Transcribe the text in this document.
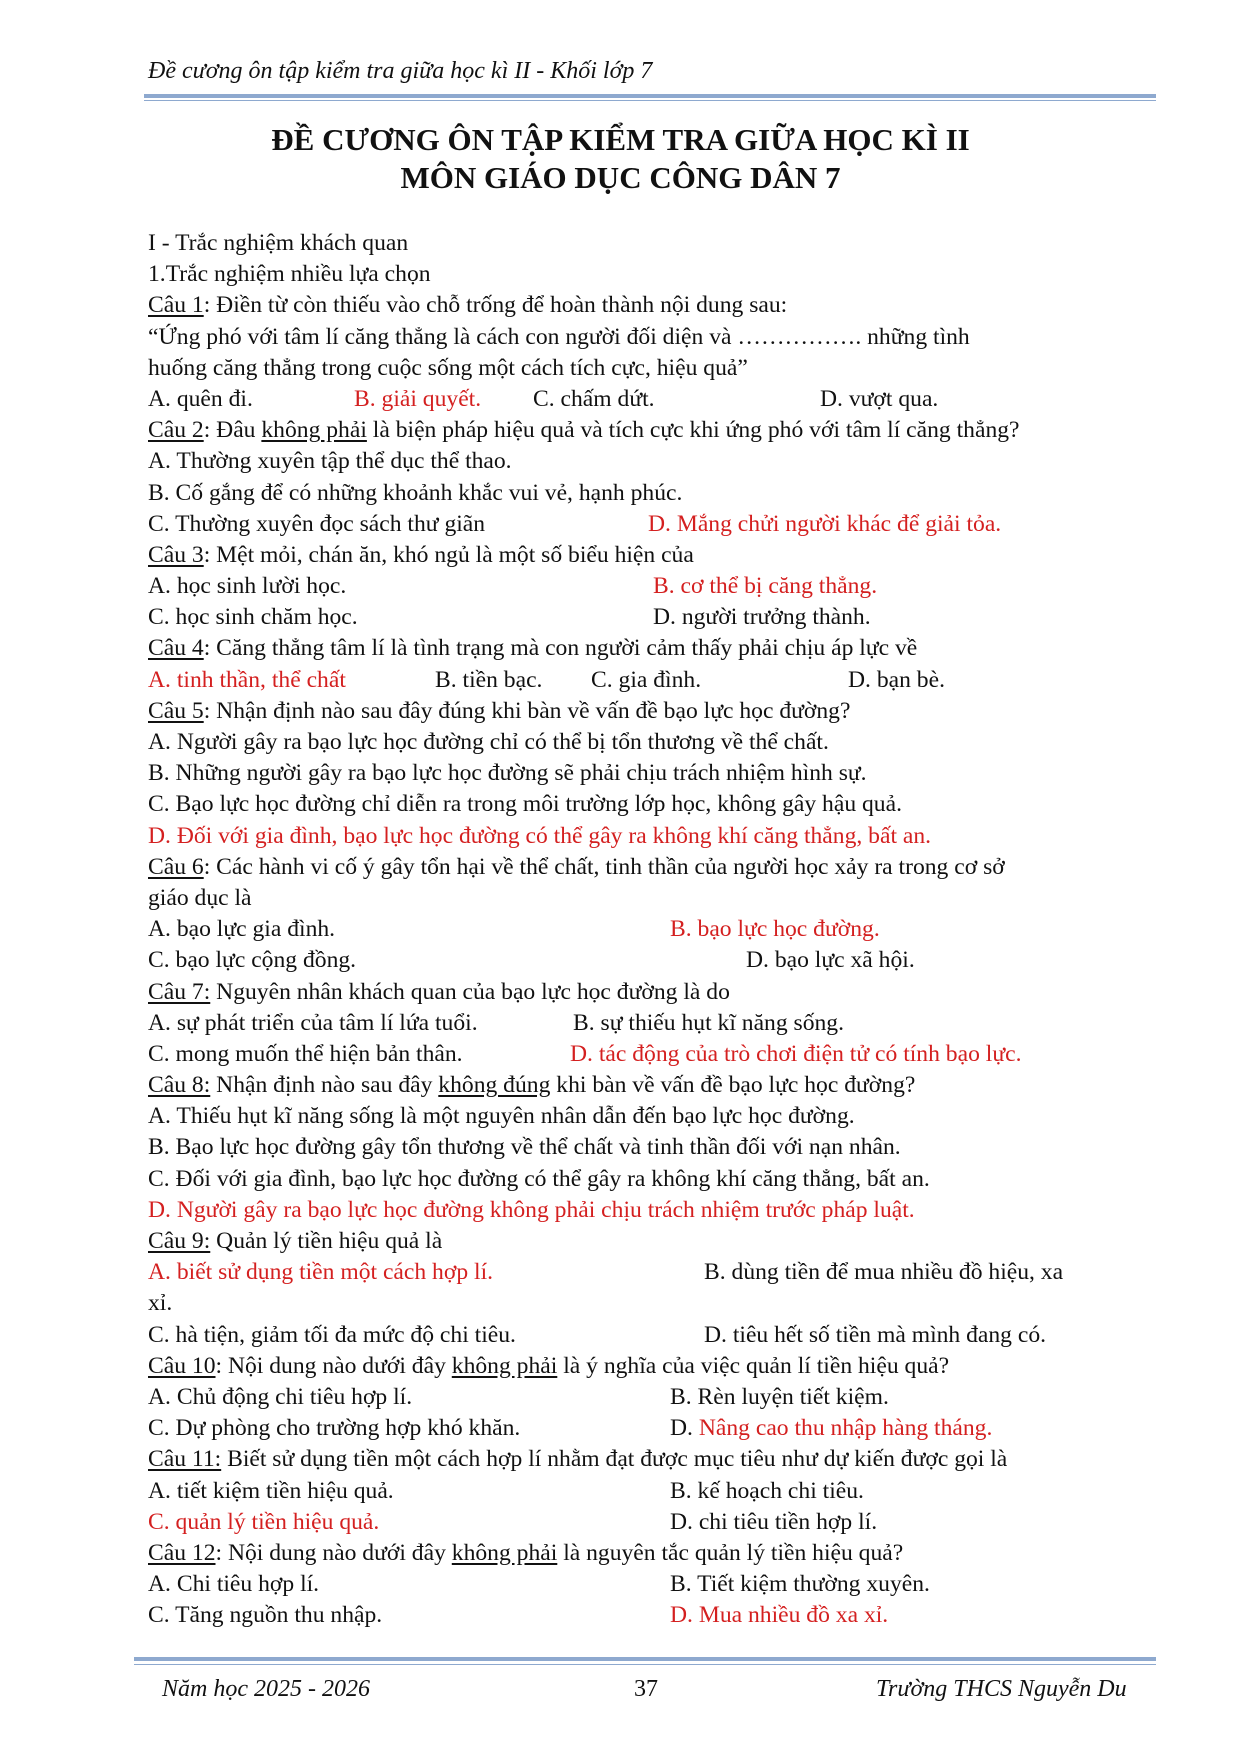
Đề cương ôn tập kiểm tra giữa học kì II - Khối lớp 7
ĐỀ CƯƠNG ÔN TẬP KIỂM TRA GIỮA HỌC KÌ II
MÔN GIÁO DỤC CÔNG DÂN 7
I - Trắc nghiệm khách quan
1.Trắc nghiệm nhiều lựa chọn
Câu 1: Điền từ còn thiếu vào chỗ trống để hoàn thành nội dung sau:
“Ứng phó với tâm lí căng thẳng là cách con người đối diện và ……………. những tình
huống căng thẳng trong cuộc sống một cách tích cực, hiệu quả”
A. quên đi.	B. giải quyết. C. chấm dứt.	D. vượt qua.
Câu 2: Đâu không phải là biện pháp hiệu quả và tích cực khi ứng phó với tâm lí căng thẳng?
A. Thường xuyên tập thể dục thể thao.
B. Cố gắng để có những khoảnh khắc vui vẻ, hạnh phúc.
C. Thường xuyên đọc sách thư giãn	D. Mắng chửi người khác để giải tỏa.
Câu 3: Mệt mỏi, chán ăn, khó ngủ là một số biểu hiện của
A. học sinh lười học.	B. cơ thể bị căng thẳng.
C. học sinh chăm học.	D. người trưởng thành.
Câu 4: Căng thẳng tâm lí là tình trạng mà con người cảm thấy phải chịu áp lực về
A. tinh thần, thể chất	B. tiền bạc. C. gia đình.	D. bạn bè.
Câu 5: Nhận định nào sau đây đúng khi bàn về vấn đề bạo lực học đường?
A. Người gây ra bạo lực học đường chỉ có thể bị tổn thương về thể chất.
B. Những người gây ra bạo lực học đường sẽ phải chịu trách nhiệm hình sự.
C. Bạo lực học đường chỉ diễn ra trong môi trường lớp học, không gây hậu quả.
D. Đối với gia đình, bạo lực học đường có thể gây ra không khí căng thẳng, bất an.
Câu 6: Các hành vi cố ý gây tổn hại về thể chất, tinh thần của người học xảy ra trong cơ sở
giáo dục là
A. bạo lực gia đình.	B. bạo lực học đường.
C. bạo lực cộng đồng.	D. bạo lực xã hội.
Câu 7: Nguyên nhân khách quan của bạo lực học đường là do
A. sự phát triển của tâm lí lứa tuổi.	B. sự thiếu hụt kĩ năng sống.
C. mong muốn thể hiện bản thân.	D. tác động của trò chơi điện tử có tính bạo lực.
Câu 8: Nhận định nào sau đây không đúng khi bàn về vấn đề bạo lực học đường?
A. Thiếu hụt kĩ năng sống là một nguyên nhân dẫn đến bạo lực học đường.
B. Bạo lực học đường gây tổn thương về thể chất và tinh thần đối với nạn nhân.
C. Đối với gia đình, bạo lực học đường có thể gây ra không khí căng thẳng, bất an.
D. Người gây ra bạo lực học đường không phải chịu trách nhiệm trước pháp luật.
Câu 9: Quản lý tiền hiệu quả là
A. biết sử dụng tiền một cách hợp lí.	B. dùng tiền để mua nhiều đồ hiệu, xa
xỉ.
C. hà tiện, giảm tối đa mức độ chi tiêu.	D. tiêu hết số tiền mà mình đang có.
Câu 10: Nội dung nào dưới đây không phải là ý nghĩa của việc quản lí tiền hiệu quả?
A. Chủ động chi tiêu hợp lí.	B. Rèn luyện tiết kiệm.
C. Dự phòng cho trường hợp khó khăn.	D. Nâng cao thu nhập hàng tháng.
Câu 11: Biết sử dụng tiền một cách hợp lí nhằm đạt được mục tiêu như dự kiến được gọi là
A. tiết kiệm tiền hiệu quả.	B. kế hoạch chi tiêu.
C. quản lý tiền hiệu quả.	D. chi tiêu tiền hợp lí.
Câu 12: Nội dung nào dưới đây không phải là nguyên tắc quản lý tiền hiệu quả?
A. Chi tiêu hợp lí.	B. Tiết kiệm thường xuyên.
C. Tăng nguồn thu nhập.	D. Mua nhiều đồ xa xỉ.
Năm học 2025 - 2026	37	Trường THCS Nguyễn Du
